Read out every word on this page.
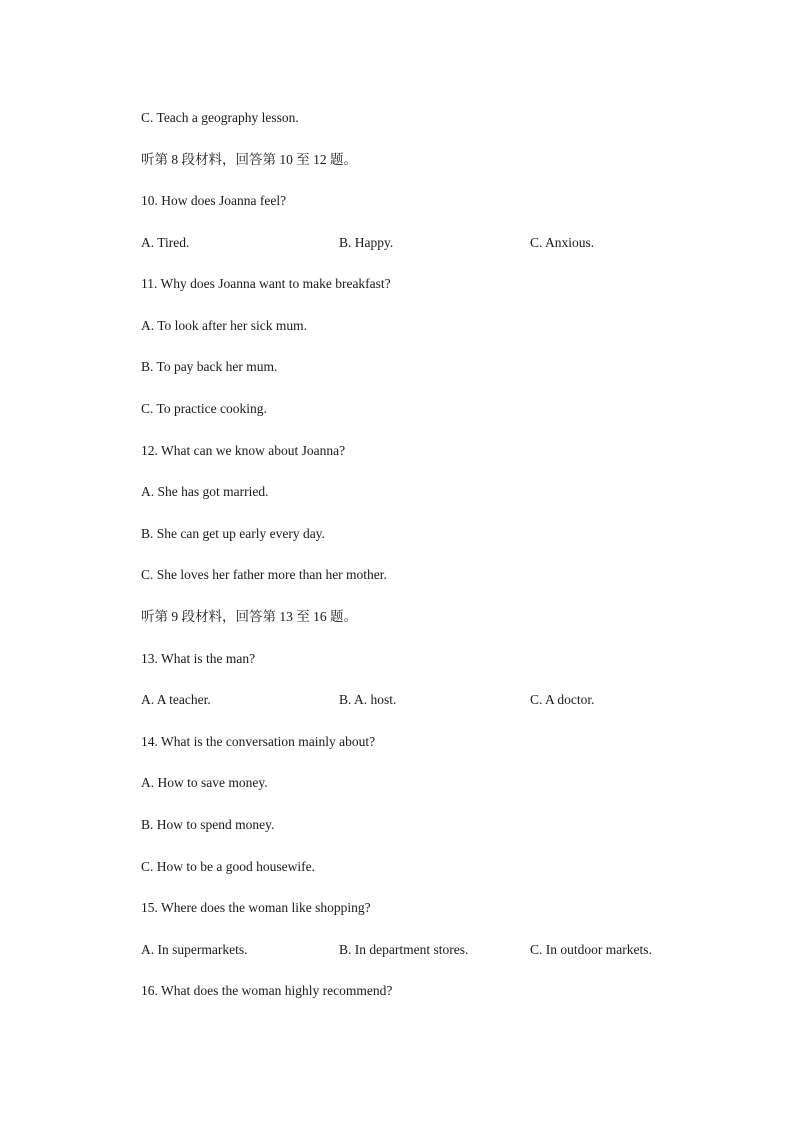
C. Teach a geography lesson.
听第 8 段材料，回答第 10 至 12 题。
10. How does Joanna feel?
A. Tired.	B. Happy.	C. Anxious.
11. Why does Joanna want to make breakfast?
A. To look after her sick mum.
B. To pay back her mum.
C. To practice cooking.
12. What can we know about Joanna?
A. She has got married.
B. She can get up early every day.
C. She loves her father more than her mother.
听第 9 段材料，回答第 13 至 16 题。
13. What is the man?
A. A teacher.	B. A. host.	C. A doctor.
14. What is the conversation mainly about?
A. How to save money.
B. How to spend money.
C. How to be a good housewife.
15. Where does the woman like shopping?
A. In supermarkets.	B. In department stores.	C. In outdoor markets.
16. What does the woman highly recommend?
